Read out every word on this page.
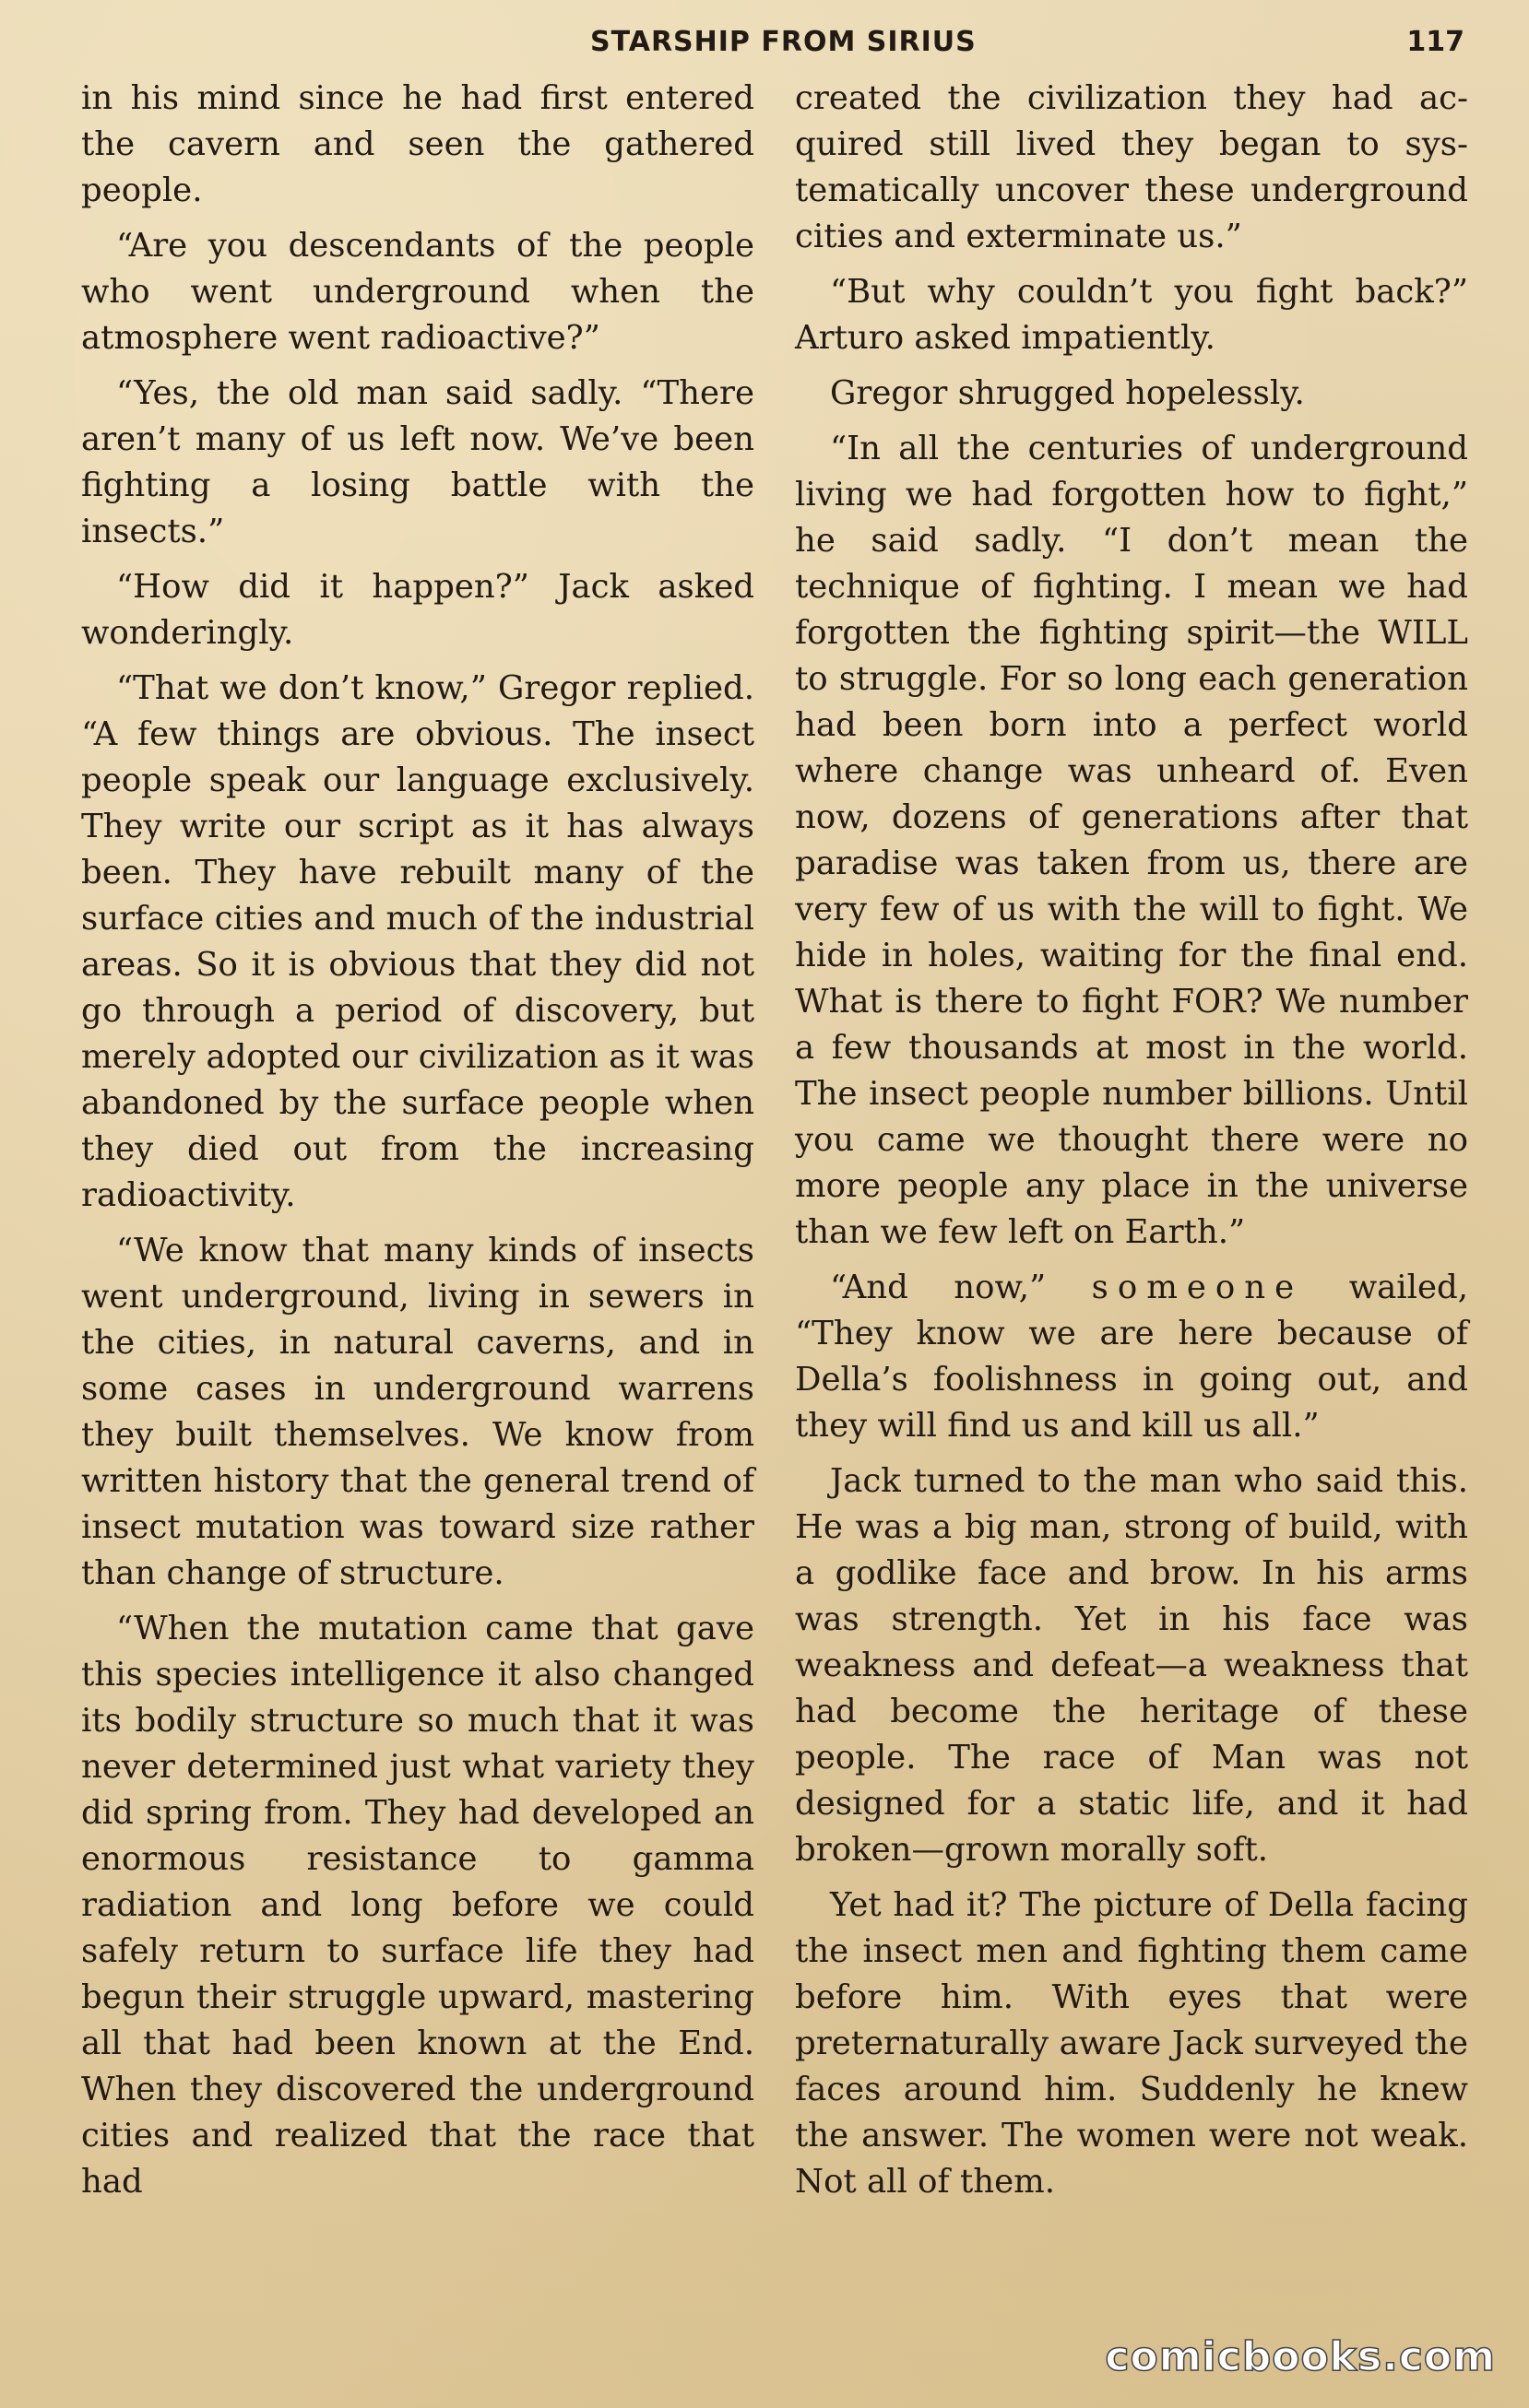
STARSHIP FROM SIRIUS	117

in his mind since he had first entered the cavern and seen the gathered people.

“Are you descendants of the people who went underground when the atmosphere went radioactive?”

“Yes, the old man said sadly. “There aren’t many of us left now. We’ve been fighting a losing battle with the insects.”

“How did it happen?” Jack asked wonderingly.

“That we don’t know,” Gregor replied. “A few things are obvious. The insect people speak our language exclusively. They write our script as it has always been. They have rebuilt many of the surface cities and much of the industrial areas. So it is obvious that they did not go through a period of discovery, but merely adopted our civilization as it was abandoned by the surface people when they died out from the increasing radioactivity.

“We know that many kinds of insects went underground, living in sewers in the cities, in natural caverns, and in some cases in underground warrens they built themselves. We know from written history that the general trend of insect mutation was toward size rather than change of structure.

“When the mutation came that gave this species intelligence it also changed its bodily structure so much that it was never determined just what variety they did spring from. They had developed an enormous resistance to gamma radiation and long before we could safely return to surface life they had begun their struggle upward, mastering all that had been known at the End. When they discovered the underground cities and realized that the race that had

created the civilization they had acquired still lived they began to systematically uncover these underground cities and exterminate us.”

“But why couldn’t you fight back?” Arturo asked impatiently.

Gregor shrugged hopelessly.

“In all the centuries of underground living we had forgotten how to fight,” he said sadly. “I don’t mean the technique of fighting. I mean we had forgotten the fighting spirit—the WILL to struggle. For so long each generation had been born into a perfect world where change was unheard of. Even now, dozens of generations after that paradise was taken from us, there are very few of us with the will to fight. We hide in holes, waiting for the final end. What is there to fight FOR? We number a few thousands at most in the world. The insect people number billions. Until you came we thought there were no more people any place in the universe than we few left on Earth.”

“And now,” someone wailed, “They know we are here because of Della’s foolishness in going out, and they will find us and kill us all.”

Jack turned to the man who said this. He was a big man, strong of build, with a godlike face and brow. In his arms was strength. Yet in his face was weakness and defeat—a weakness that had become the heritage of these people. The race of Man was not designed for a static life, and it had broken—grown morally soft.

Yet had it? The picture of Della facing the insect men and fighting them came before him. With eyes that were preternaturally aware Jack surveyed the faces around him. Suddenly he knew the answer. The women were not weak. Not all of them.

comicbooks.com
